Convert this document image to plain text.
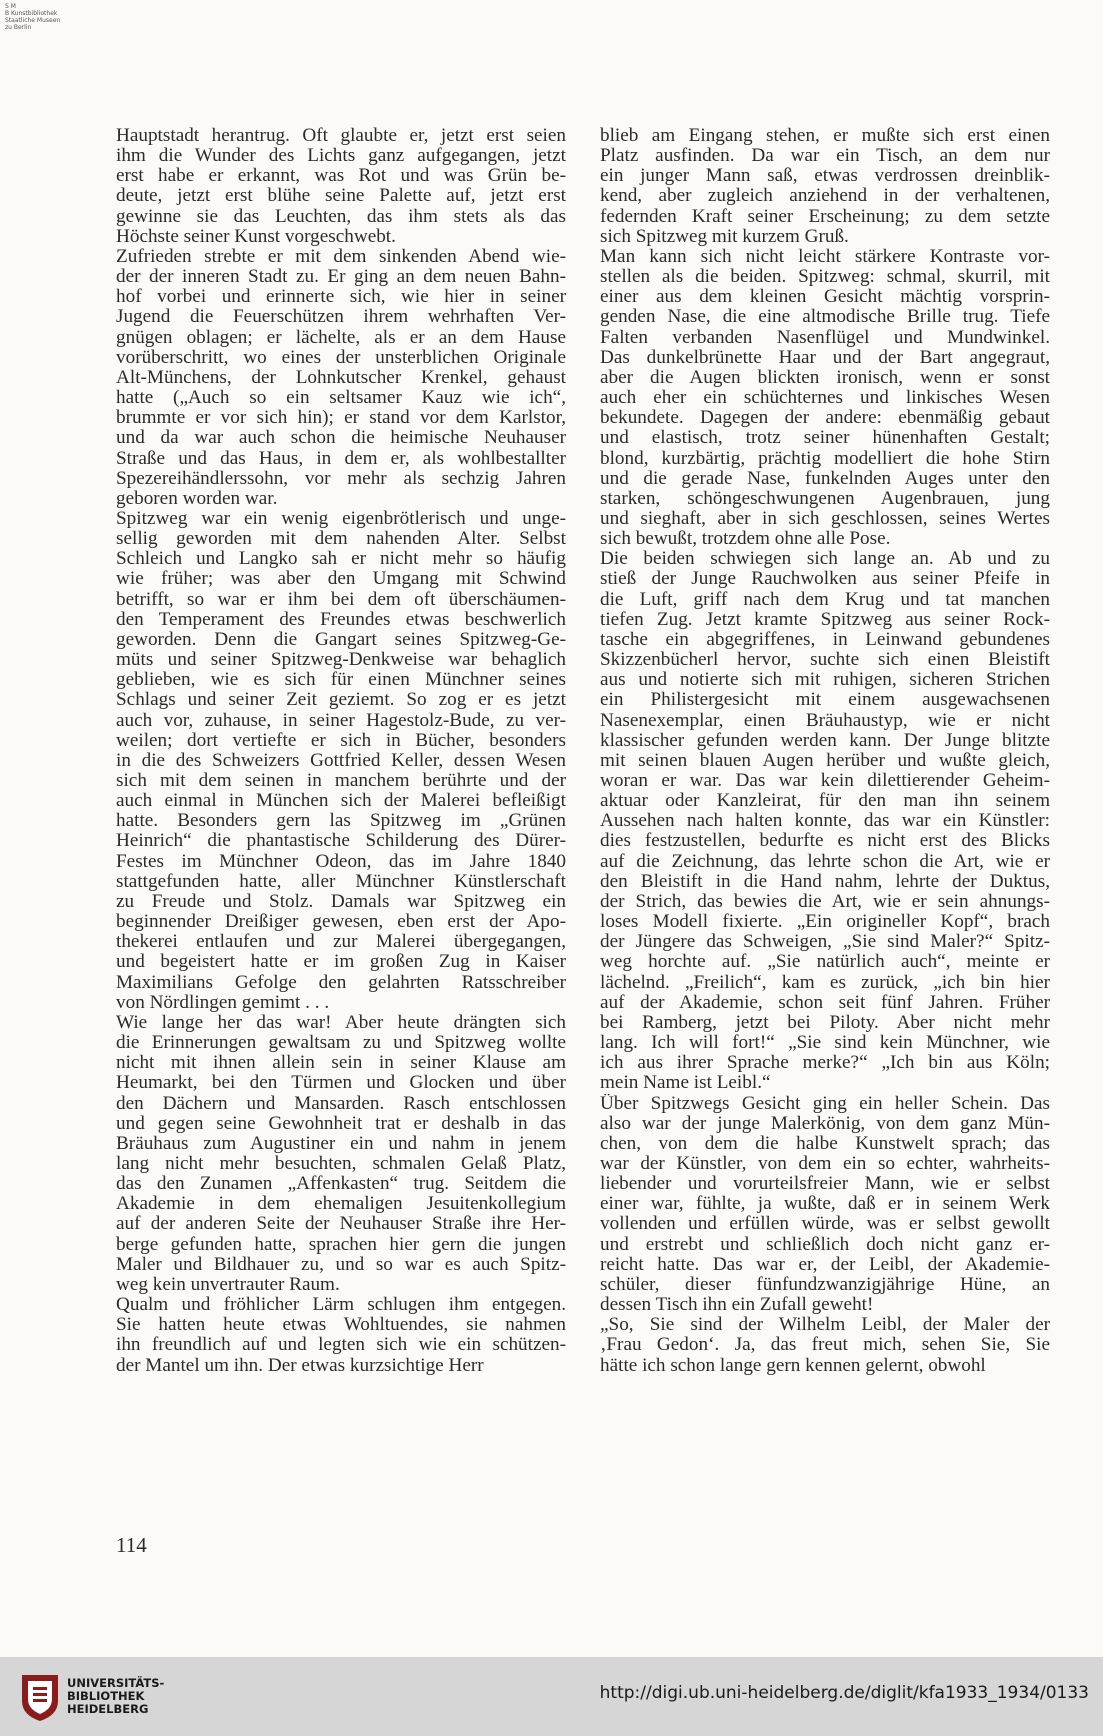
S M
B Kunstbibliothek
Staatliche Museen
zu Berlin
Hauptstadt herantrug. Oft glaubte er, jetzt erst seien
ihm die Wunder des Lichts ganz aufgegangen, jetzt
erst habe er erkannt, was Rot und was Grün be-
deute, jetzt erst blühe seine Palette auf, jetzt erst
gewinne sie das Leuchten, das ihm stets als das
Höchste seiner Kunst vorgeschwebt.
Zufrieden strebte er mit dem sinkenden Abend wie-
der der inneren Stadt zu. Er ging an dem neuen Bahn-
hof vorbei und erinnerte sich, wie hier in seiner
Jugend die Feuerschützen ihrem wehrhaften Ver-
gnügen oblagen; er lächelte, als er an dem Hause
vorüberschritt, wo eines der unsterblichen Originale
Alt-Münchens, der Lohnkutscher Krenkel, gehaust
hatte („Auch so ein seltsamer Kauz wie ich“,
brummte er vor sich hin); er stand vor dem Karlstor,
und da war auch schon die heimische Neuhauser
Straße und das Haus, in dem er, als wohlbestallter
Spezereihändlerssohn, vor mehr als sechzig Jahren
geboren worden war.
Spitzweg war ein wenig eigenbrötlerisch und unge-
sellig geworden mit dem nahenden Alter. Selbst
Schleich und Langko sah er nicht mehr so häufig
wie früher; was aber den Umgang mit Schwind
betrifft, so war er ihm bei dem oft überschäumen-
den Temperament des Freundes etwas beschwerlich
geworden. Denn die Gangart seines Spitzweg-Ge-
müts und seiner Spitzweg-Denkweise war behaglich
geblieben, wie es sich für einen Münchner seines
Schlags und seiner Zeit geziemt. So zog er es jetzt
auch vor, zuhause, in seiner Hagestolz-Bude, zu ver-
weilen; dort vertiefte er sich in Bücher, besonders
in die des Schweizers Gottfried Keller, dessen Wesen
sich mit dem seinen in manchem berührte und der
auch einmal in München sich der Malerei befleißigt
hatte. Besonders gern las Spitzweg im „Grünen
Heinrich“ die phantastische Schilderung des Dürer-
Festes im Münchner Odeon, das im Jahre 1840
stattgefunden hatte, aller Münchner Künstlerschaft
zu Freude und Stolz. Damals war Spitzweg ein
beginnender Dreißiger gewesen, eben erst der Apo-
thekerei entlaufen und zur Malerei übergegangen,
und begeistert hatte er im großen Zug in Kaiser
Maximilians Gefolge den gelahrten Ratsschreiber
von Nördlingen gemimt . . .
Wie lange her das war! Aber heute drängten sich
die Erinnerungen gewaltsam zu und Spitzweg wollte
nicht mit ihnen allein sein in seiner Klause am
Heumarkt, bei den Türmen und Glocken und über
den Dächern und Mansarden. Rasch entschlossen
und gegen seine Gewohnheit trat er deshalb in das
Bräuhaus zum Augustiner ein und nahm in jenem
lang nicht mehr besuchten, schmalen Gelaß Platz,
das den Zunamen „Affenkasten“ trug. Seitdem die
Akademie in dem ehemaligen Jesuitenkollegium
auf der anderen Seite der Neuhauser Straße ihre Her-
berge gefunden hatte, sprachen hier gern die jungen
Maler und Bildhauer zu, und so war es auch Spitz-
weg kein unvertrauter Raum.
Qualm und fröhlicher Lärm schlugen ihm entgegen.
Sie hatten heute etwas Wohltuendes, sie nahmen
ihn freundlich auf und legten sich wie ein schützen-
der Mantel um ihn. Der etwas kurzsichtige Herr
blieb am Eingang stehen, er mußte sich erst einen
Platz ausfinden. Da war ein Tisch, an dem nur
ein junger Mann saß, etwas verdrossen dreinblik-
kend, aber zugleich anziehend in der verhaltenen,
federnden Kraft seiner Erscheinung; zu dem setzte
sich Spitzweg mit kurzem Gruß.
Man kann sich nicht leicht stärkere Kontraste vor-
stellen als die beiden. Spitzweg: schmal, skurril, mit
einer aus dem kleinen Gesicht mächtig vorsprin-
genden Nase, die eine altmodische Brille trug. Tiefe
Falten verbanden Nasenflügel und Mundwinkel.
Das dunkelbrünette Haar und der Bart angegraut,
aber die Augen blickten ironisch, wenn er sonst
auch eher ein schüchternes und linkisches Wesen
bekundete. Dagegen der andere: ebenmäßig gebaut
und elastisch, trotz seiner hünenhaften Gestalt;
blond, kurzbärtig, prächtig modelliert die hohe Stirn
und die gerade Nase, funkelnden Auges unter den
starken, schöngeschwungenen Augenbrauen, jung
und sieghaft, aber in sich geschlossen, seines Wertes
sich bewußt, trotzdem ohne alle Pose.
Die beiden schwiegen sich lange an. Ab und zu
stieß der Junge Rauchwolken aus seiner Pfeife in
die Luft, griff nach dem Krug und tat manchen
tiefen Zug. Jetzt kramte Spitzweg aus seiner Rock-
tasche ein abgegriffenes, in Leinwand gebundenes
Skizzenbücherl hervor, suchte sich einen Bleistift
aus und notierte sich mit ruhigen, sicheren Strichen
ein Philistergesicht mit einem ausgewachsenen
Nasenexemplar, einen Bräuhaustyp, wie er nicht
klassischer gefunden werden kann. Der Junge blitzte
mit seinen blauen Augen herüber und wußte gleich,
woran er war. Das war kein dilettierender Geheim-
aktuar oder Kanzleirat, für den man ihn seinem
Aussehen nach halten konnte, das war ein Künstler:
dies festzustellen, bedurfte es nicht erst des Blicks
auf die Zeichnung, das lehrte schon die Art, wie er
den Bleistift in die Hand nahm, lehrte der Duktus,
der Strich, das bewies die Art, wie er sein ahnungs-
loses Modell fixierte. „Ein origineller Kopf“, brach
der Jüngere das Schweigen, „Sie sind Maler?“ Spitz-
weg horchte auf. „Sie natürlich auch“, meinte er
lächelnd. „Freilich“, kam es zurück, „ich bin hier
auf der Akademie, schon seit fünf Jahren. Früher
bei Ramberg, jetzt bei Piloty. Aber nicht mehr
lang. Ich will fort!“ „Sie sind kein Münchner, wie
ich aus ihrer Sprache merke?“ „Ich bin aus Köln;
mein Name ist Leibl.“
Über Spitzwegs Gesicht ging ein heller Schein. Das
also war der junge Malerkönig, von dem ganz Mün-
chen, von dem die halbe Kunstwelt sprach; das
war der Künstler, von dem ein so echter, wahrheits-
liebender und vorurteilsfreier Mann, wie er selbst
einer war, fühlte, ja wußte, daß er in seinem Werk
vollenden und erfüllen würde, was er selbst gewollt
und erstrebt und schließlich doch nicht ganz er-
reicht hatte. Das war er, der Leibl, der Akademie-
schüler, dieser fünfundzwanzigjährige Hüne, an
dessen Tisch ihn ein Zufall geweht!
„So, Sie sind der Wilhelm Leibl, der Maler der
‚Frau Gedon‘. Ja, das freut mich, sehen Sie, Sie
hätte ich schon lange gern kennen gelernt, obwohl
114
UNIVERSITÄTS-
BIBLIOTHEK
HEIDELBERG
http://digi.ub.uni-heidelberg.de/diglit/kfa1933_1934/0133
